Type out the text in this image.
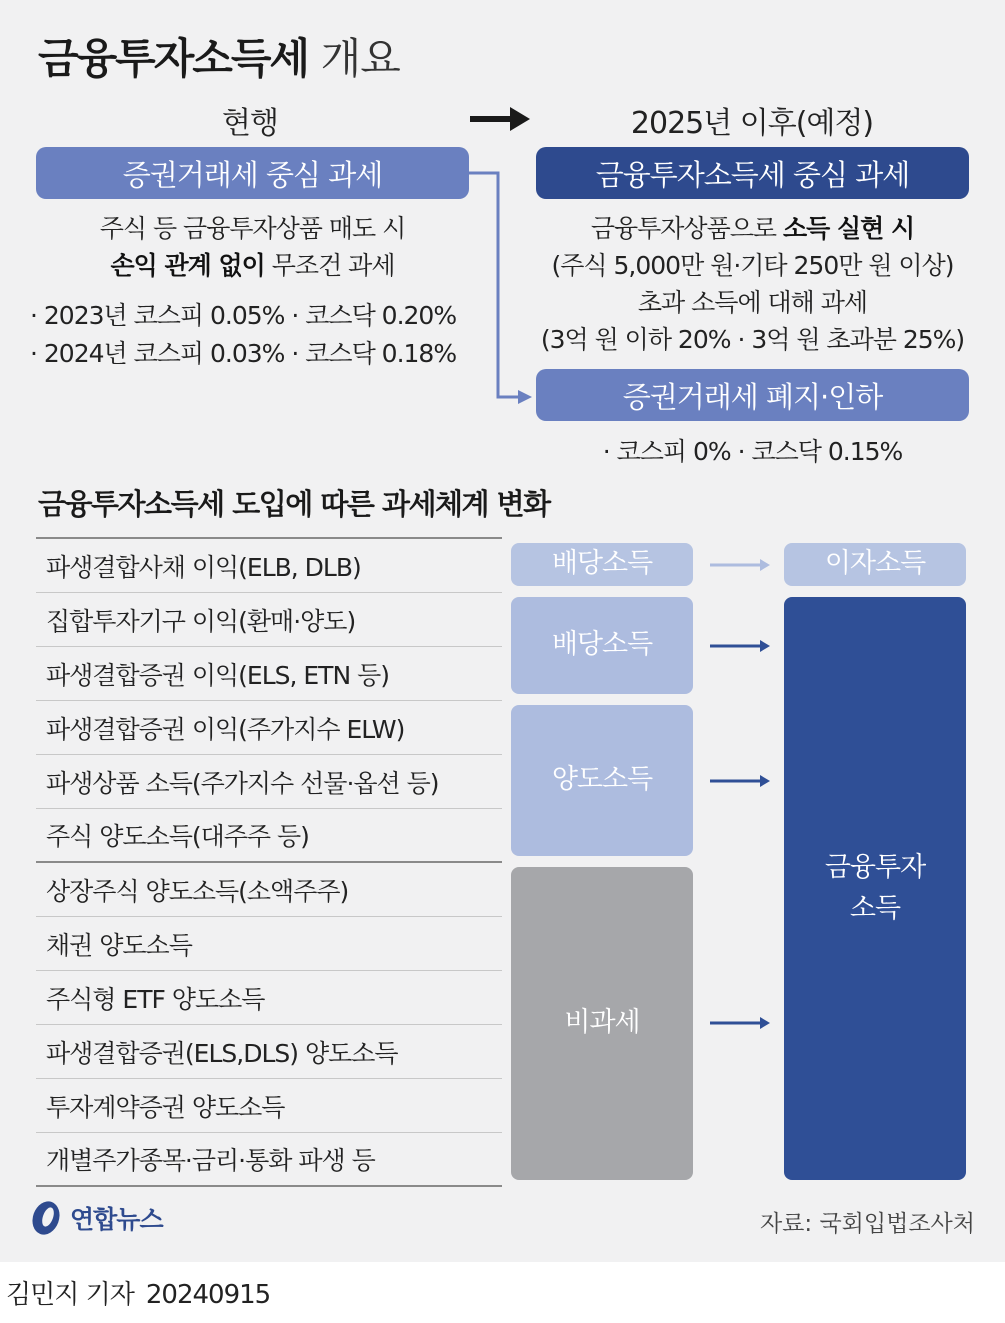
금융투자소득세 개요
현행	2025년 이후(예정)
증권거래세 중심 과세
주식 등 금융투자상품 매도 시
손익 관계 없이 무조건 과세
· 2023년 코스피 0.05% · 코스닥 0.20%
· 2024년 코스피 0.03% · 코스닥 0.18%
금융투자소득세 중심 과세
금융투자상품으로 소득 실현 시
(주식 5,000만 원·기타 250만 원 이상)
초과 소득에 대해 과세
(3억 원 이하 20% · 3억 원 초과분 25%)
증권거래세 폐지·인하
· 코스피 0% · 코스닥 0.15%
금융투자소득세 도입에 따른 과세체계 변화
파생결합사채 이익(ELB, DLB)
집합투자기구 이익(환매·양도)
파생결합증권 이익(ELS, ETN 등)
파생결합증권 이익(주가지수 ELW)
파생상품 소득(주가지수 선물·옵션 등)
주식 양도소득(대주주 등)
상장주식 양도소득(소액주주)
채권 양도소득
주식형 ETF 양도소득
파생결합증권(ELS,DLS) 양도소득
투자계약증권 양도소득
개별주가종목·금리·통화 파생 등
배당소득
배당소득
양도소득
비과세
이자소득
금융투자
소득
연합뉴스	자료: 국회입법조사처
김민지 기자 20240915
